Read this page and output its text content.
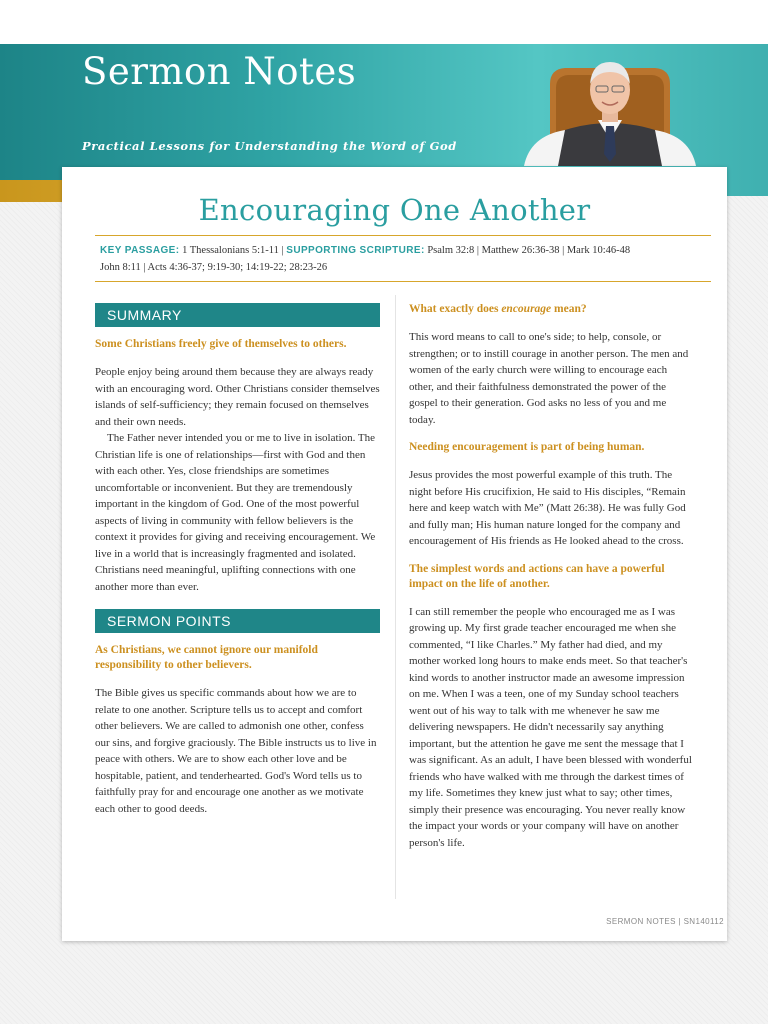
Sermon Notes
Practical Lessons for Understanding the Word of God
Encouraging One Another
KEY PASSAGE: 1 Thessalonians 5:1-11 | SUPPORTING SCRIPTURE: Psalm 32:8 | Matthew 26:36-38 | Mark 10:46-48
John 8:11 | Acts 4:36-37; 9:19-30; 14:19-22; 28:23-26
SUMMARY
Some Christians freely give of themselves to others.

People enjoy being around them because they are always ready with an encouraging word. Other Christians consider themselves islands of self-sufficiency; they remain focused on themselves and their own needs.

The Father never intended you or me to live in isolation. The Christian life is one of relationships—first with God and then with each other. Yes, close friendships are sometimes uncomfortable or inconvenient. But they are tremendously important in the kingdom of God. One of the most powerful aspects of living in community with fellow believers is the context it provides for giving and receiving encouragement. We live in a world that is increasingly fragmented and isolated. Christians need meaningful, uplifting connections with one another more than ever.

SERMON POINTS
As Christians, we cannot ignore our manifold responsibility to other believers.

The Bible gives us specific commands about how we are to relate to one another. Scripture tells us to accept and comfort other believers. We are called to admonish one other, confess our sins, and forgive graciously. The Bible instructs us to live in peace with others. We are to show each other love and be hospitable, patient, and tenderhearted. God's Word tells us to faithfully pray for and encourage one another as we motivate each other to good deeds.

What exactly does encourage mean?

This word means to call to one's side; to help, console, or strengthen; or to instill courage in another person. The men and women of the early church were willing to encourage each other, and their faithfulness demonstrated the power of the gospel to their generation. God asks no less of you and me today.

Needing encouragement is part of being human.

Jesus provides the most powerful example of this truth. The night before His crucifixion, He said to His disciples, “Remain here and keep watch with Me” (Matt 26:38). He was fully God and fully man; His human nature longed for the company and encouragement of His friends as He looked ahead to the cross.

The simplest words and actions can have a powerful impact on the life of another.

I can still remember the people who encouraged me as I was growing up. My first grade teacher encouraged me when she commented, “I like Charles.” My father had died, and my mother worked long hours to make ends meet. So that teacher's kind words to another instructor made an awesome impression on me. When I was a teen, one of my Sunday school teachers went out of his way to talk with me whenever he saw me delivering newspapers. He didn't necessarily say anything important, but the attention he gave me sent the message that I was significant. As an adult, I have been blessed with wonderful friends who have walked with me through the darkest times of my life. Sometimes they knew just what to say; other times, simply their presence was encouraging. You never really know the impact your words or your company will have on another person's life.

SERMON NOTES | SN140112
